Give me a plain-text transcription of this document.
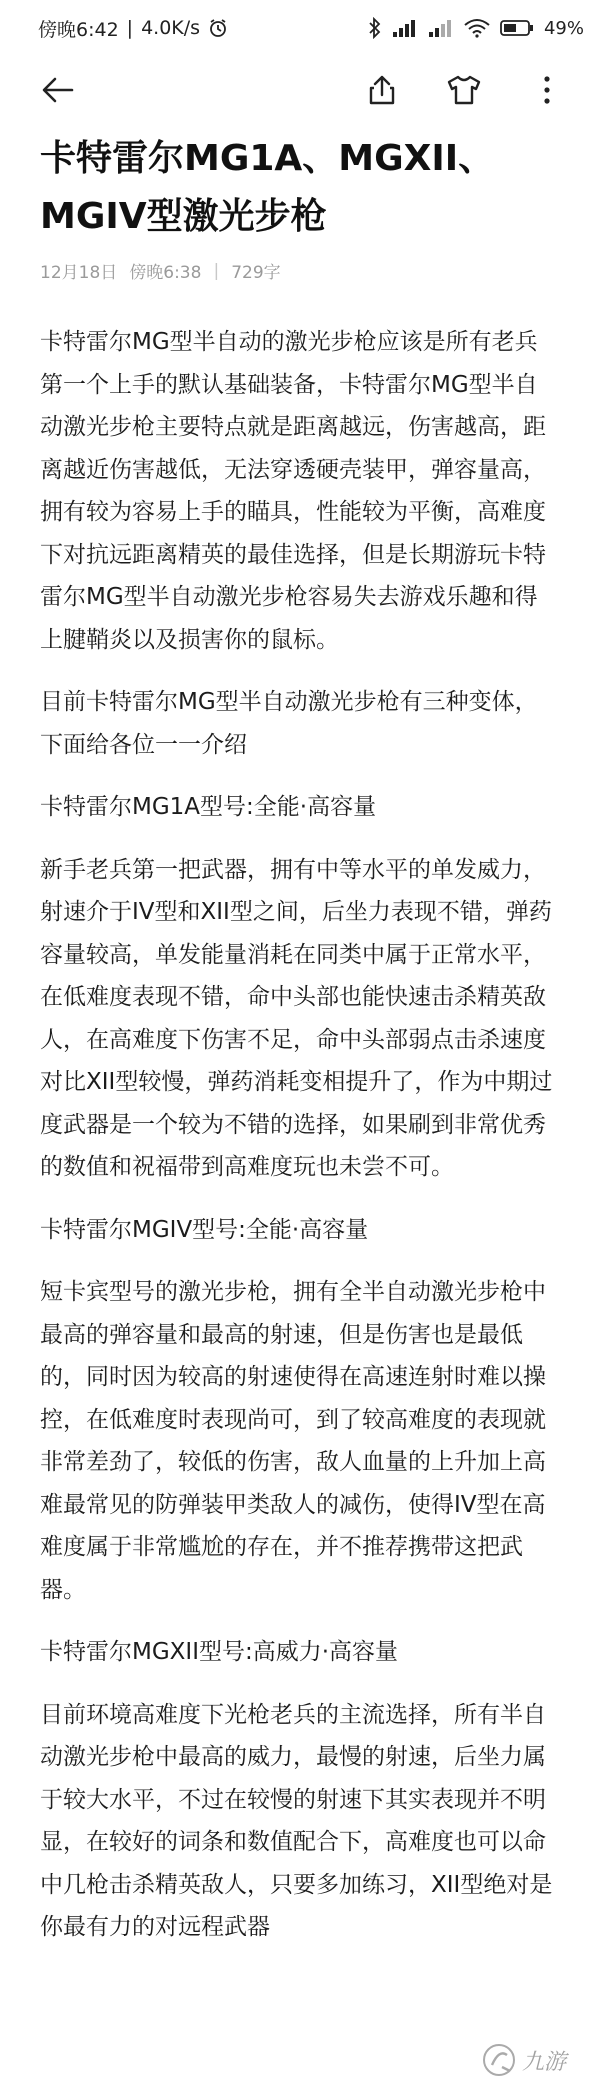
傍晚6:42 | 4.0K/s	49%
卡特雷尔MG1A、MGXII、MGIV型激光步枪
12月18日 傍晚6:38 | 729字

卡特雷尔MG型半自动的激光步枪应该是所有老兵第一个上手的默认基础装备，卡特雷尔MG型半自动激光步枪主要特点就是距离越远，伤害越高，距离越近伤害越低，无法穿透硬壳装甲，弹容量高，拥有较为容易上手的瞄具，性能较为平衡，高难度下对抗远距离精英的最佳选择，但是长期游玩卡特雷尔MG型半自动激光步枪容易失去游戏乐趣和得上腱鞘炎以及损害你的鼠标。

目前卡特雷尔MG型半自动激光步枪有三种变体，下面给各位一一介绍

卡特雷尔MG1A型号:全能·高容量

新手老兵第一把武器，拥有中等水平的单发威力，射速介于IV型和XII型之间，后坐力表现不错，弹药容量较高，单发能量消耗在同类中属于正常水平，在低难度表现不错，命中头部也能快速击杀精英敌人，在高难度下伤害不足，命中头部弱点击杀速度对比XII型较慢，弹药消耗变相提升了，作为中期过度武器是一个较为不错的选择，如果刷到非常优秀的数值和祝福带到高难度玩也未尝不可。

卡特雷尔MGIV型号:全能·高容量

短卡宾型号的激光步枪，拥有全半自动激光步枪中最高的弹容量和最高的射速，但是伤害也是最低的，同时因为较高的射速使得在高速连射时难以操控，在低难度时表现尚可，到了较高难度的表现就非常差劲了，较低的伤害，敌人血量的上升加上高难最常见的防弹装甲类敌人的减伤，使得IV型在高难度属于非常尴尬的存在，并不推荐携带这把武器。

卡特雷尔MGXII型号:高威力·高容量

目前环境高难度下光枪老兵的主流选择，所有半自动激光步枪中最高的威力，最慢的射速，后坐力属于较大水平，不过在较慢的射速下其实表现并不明显，在较好的词条和数值配合下，高难度也可以命中几枪击杀精英敌人，只要多加练习，XII型绝对是你最有力的对远程武器

九游
